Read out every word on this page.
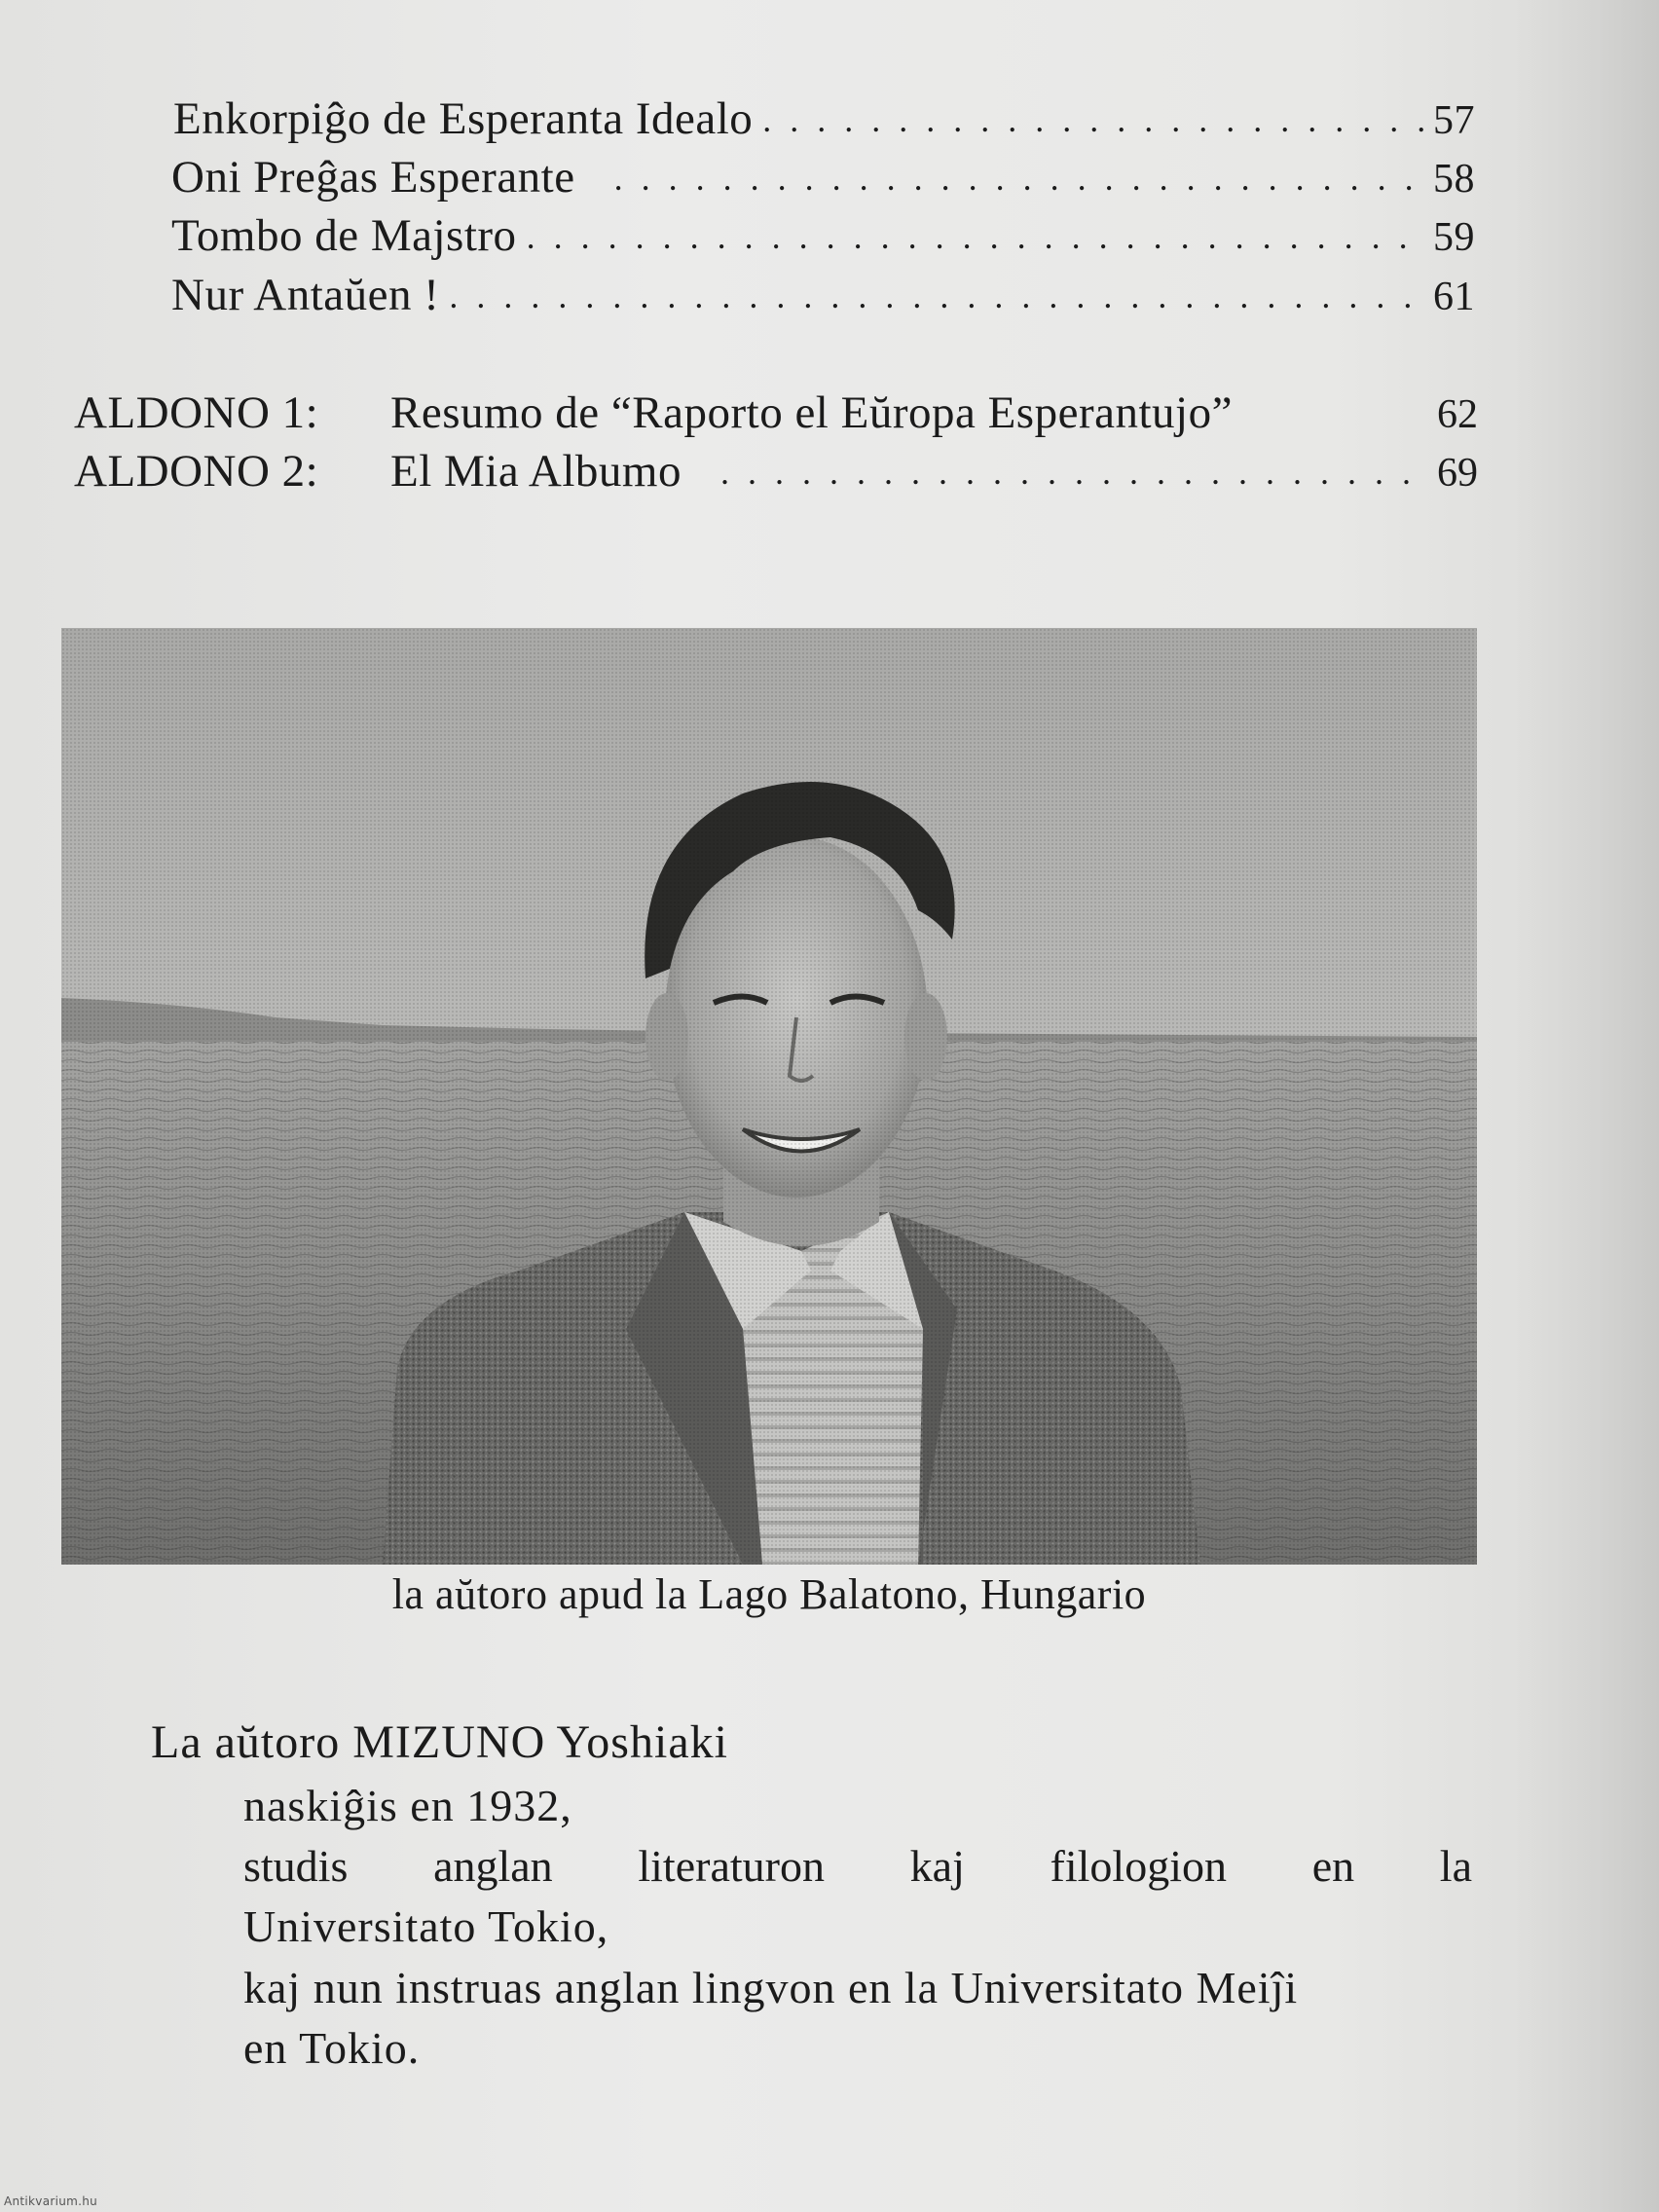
Enkorpiĝo de Esperanta Idealo . . .	57
Oni Preĝas Esperante . . .	58
Tombo de Majstro . . .	59
Nur Antaŭen ! . . .	61
ALDONO 1:	Resumo de “Raporto el Eŭropa Esperantujo”	62
ALDONO 2:	El Mia Albumo . . .	69
la aŭtoro apud la Lago Balatono, Hungario
La aŭtoro MIZUNO Yoshiaki
naskiĝis en 1932,
studis anglan literaturon kaj filologion en la
Universitato Tokio,
kaj nun instruas anglan lingvon en la Universitato Meiĵi
en Tokio.
Antikvarium.hu
